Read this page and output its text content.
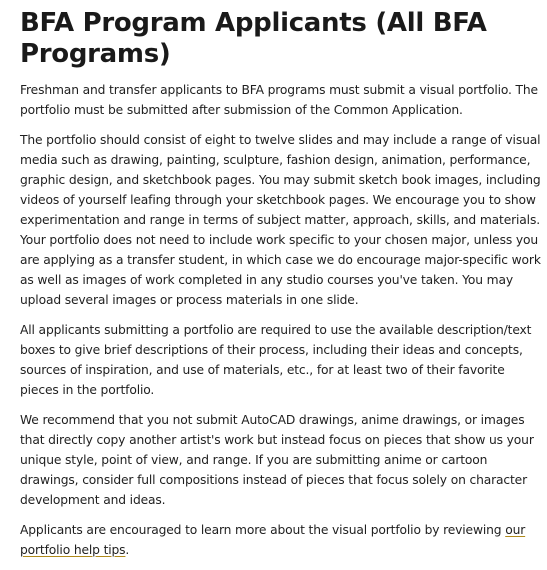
BFA Program Applicants (All BFA Programs)

Freshman and transfer applicants to BFA programs must submit a visual portfolio. The portfolio must be submitted after submission of the Common Application.

The portfolio should consist of eight to twelve slides and may include a range of visual media such as drawing, painting, sculpture, fashion design, animation, performance, graphic design, and sketchbook pages. You may submit sketch book images, including videos of yourself leafing through your sketchbook pages. We encourage you to show experimentation and range in terms of subject matter, approach, skills, and materials. Your portfolio does not need to include work specific to your chosen major, unless you are applying as a transfer student, in which case we do encourage major-specific work as well as images of work completed in any studio courses you've taken. You may upload several images or process materials in one slide.

All applicants submitting a portfolio are required to use the available description/text boxes to give brief descriptions of their process, including their ideas and concepts, sources of inspiration, and use of materials, etc., for at least two of their favorite pieces in the portfolio.

We recommend that you not submit AutoCAD drawings, anime drawings, or images that directly copy another artist's work but instead focus on pieces that show us your unique style, point of view, and range. If you are submitting anime or cartoon drawings, consider full compositions instead of pieces that focus solely on character development and ideas.

Applicants are encouraged to learn more about the visual portfolio by reviewing our portfolio help tips.
